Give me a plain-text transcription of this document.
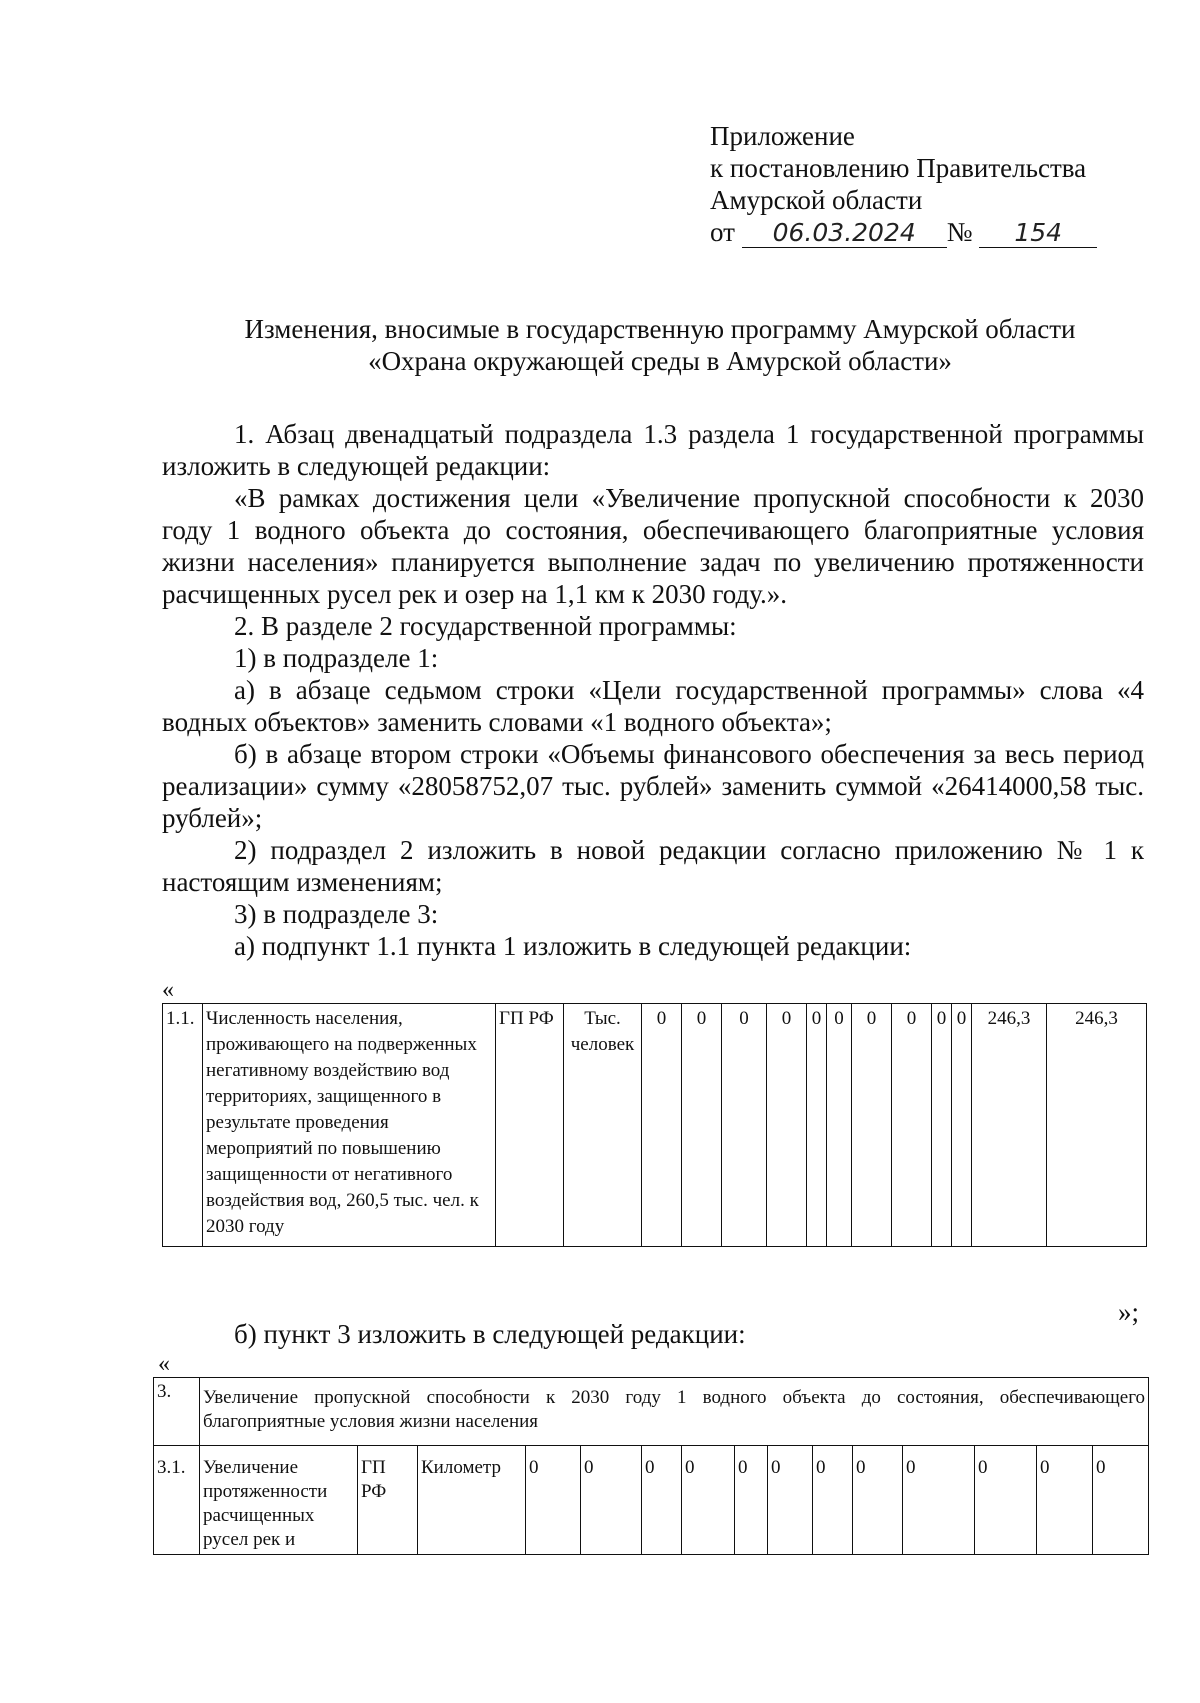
Приложение
к постановлению Правительства
Амурской области
от 06.03.2024 № 154
Изменения, вносимые в государственную программу Амурской области
«Охрана окружающей среды в Амурской области»

1. Абзац двенадцатый подраздела 1.3 раздела 1 государственной программы изложить в следующей редакции:

«В рамках достижения цели «Увеличение пропускной способности к 2030 году 1 водного объекта до состояния, обеспечивающего благоприятные условия жизни населения» планируется выполнение задач по увеличению протяженности расчищенных русел рек и озер на 1,1 км к 2030 году.».

2. В разделе 2 государственной программы:

1) в подразделе 1:

а) в абзаце седьмом строки «Цели государственной программы» слова «4 водных объектов» заменить словами «1 водного объекта»;

б) в абзаце втором строки «Объемы финансового обеспечения за весь период реализации» сумму «28058752,07 тыс. рублей» заменить суммой «26414000,58 тыс. рублей»;

2) подраздел 2 изложить в новой редакции согласно приложению № 1 к настоящим изменениям;

3) в подразделе 3:

а) подпункт 1.1 пункта 1 изложить в следующей редакции:

«
1.1.	Численность населения, проживающего на подверженных негативному воздействию вод территориях, защищенного в результате проведения мероприятий по повышению защищенности от негативного воздействия вод, 260,5 тыс. чел. к 2030 году	ГП РФ	Тыс. человек	0	0	0	0	0	0	0	0	0	0	246,3	246,3
»;
б) пункт 3 изложить в следующей редакции:
«
3.	Увеличение пропускной способности к 2030 году 1 водного объекта до состояния, обеспечивающего благоприятные условия жизни населения														
3.1.	Увеличение протяженности расчищенных русел рек и	ГП РФ	Километр	0	0	0	0	0	0	0	0	0	0	0	0
